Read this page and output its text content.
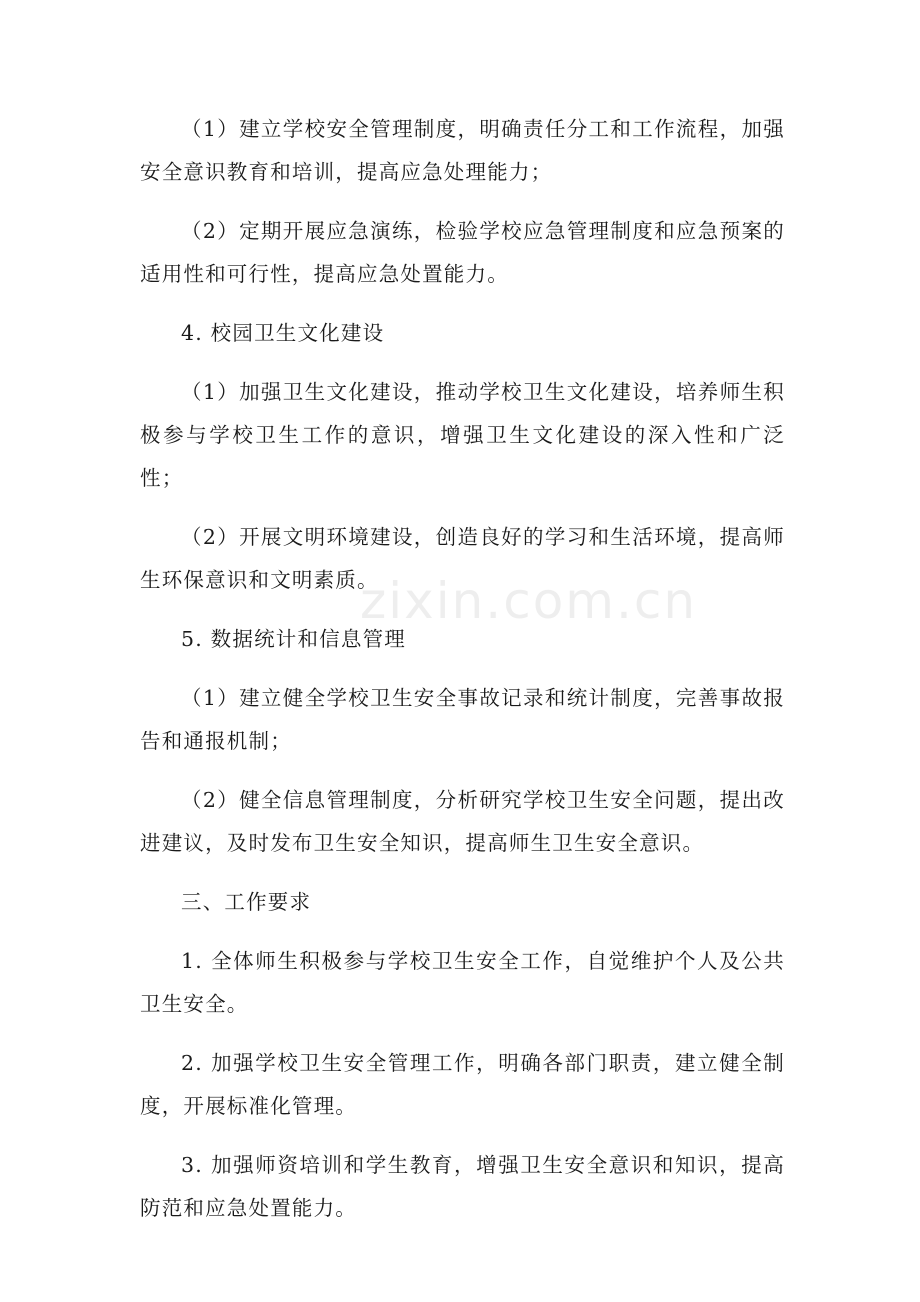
（1）建立学校安全管理制度，明确责任分工和工作流程，加强安全意识教育和培训，提高应急处理能力；

（2）定期开展应急演练，检验学校应急管理制度和应急预案的适用性和可行性，提高应急处置能力。

4. 校园卫生文化建设

（1）加强卫生文化建设，推动学校卫生文化建设，培养师生积极参与学校卫生工作的意识，增强卫生文化建设的深入性和广泛性；

（2）开展文明环境建设，创造良好的学习和生活环境，提高师生环保意识和文明素质。

5. 数据统计和信息管理

（1）建立健全学校卫生安全事故记录和统计制度，完善事故报告和通报机制；

（2）健全信息管理制度，分析研究学校卫生安全问题，提出改进建议，及时发布卫生安全知识，提高师生卫生安全意识。

三、工作要求

1. 全体师生积极参与学校卫生安全工作，自觉维护个人及公共卫生安全。

2. 加强学校卫生安全管理工作，明确各部门职责，建立健全制度，开展标准化管理。

3. 加强师资培训和学生教育，增强卫生安全意识和知识，提高防范和应急处置能力。

zixin.com.cn
